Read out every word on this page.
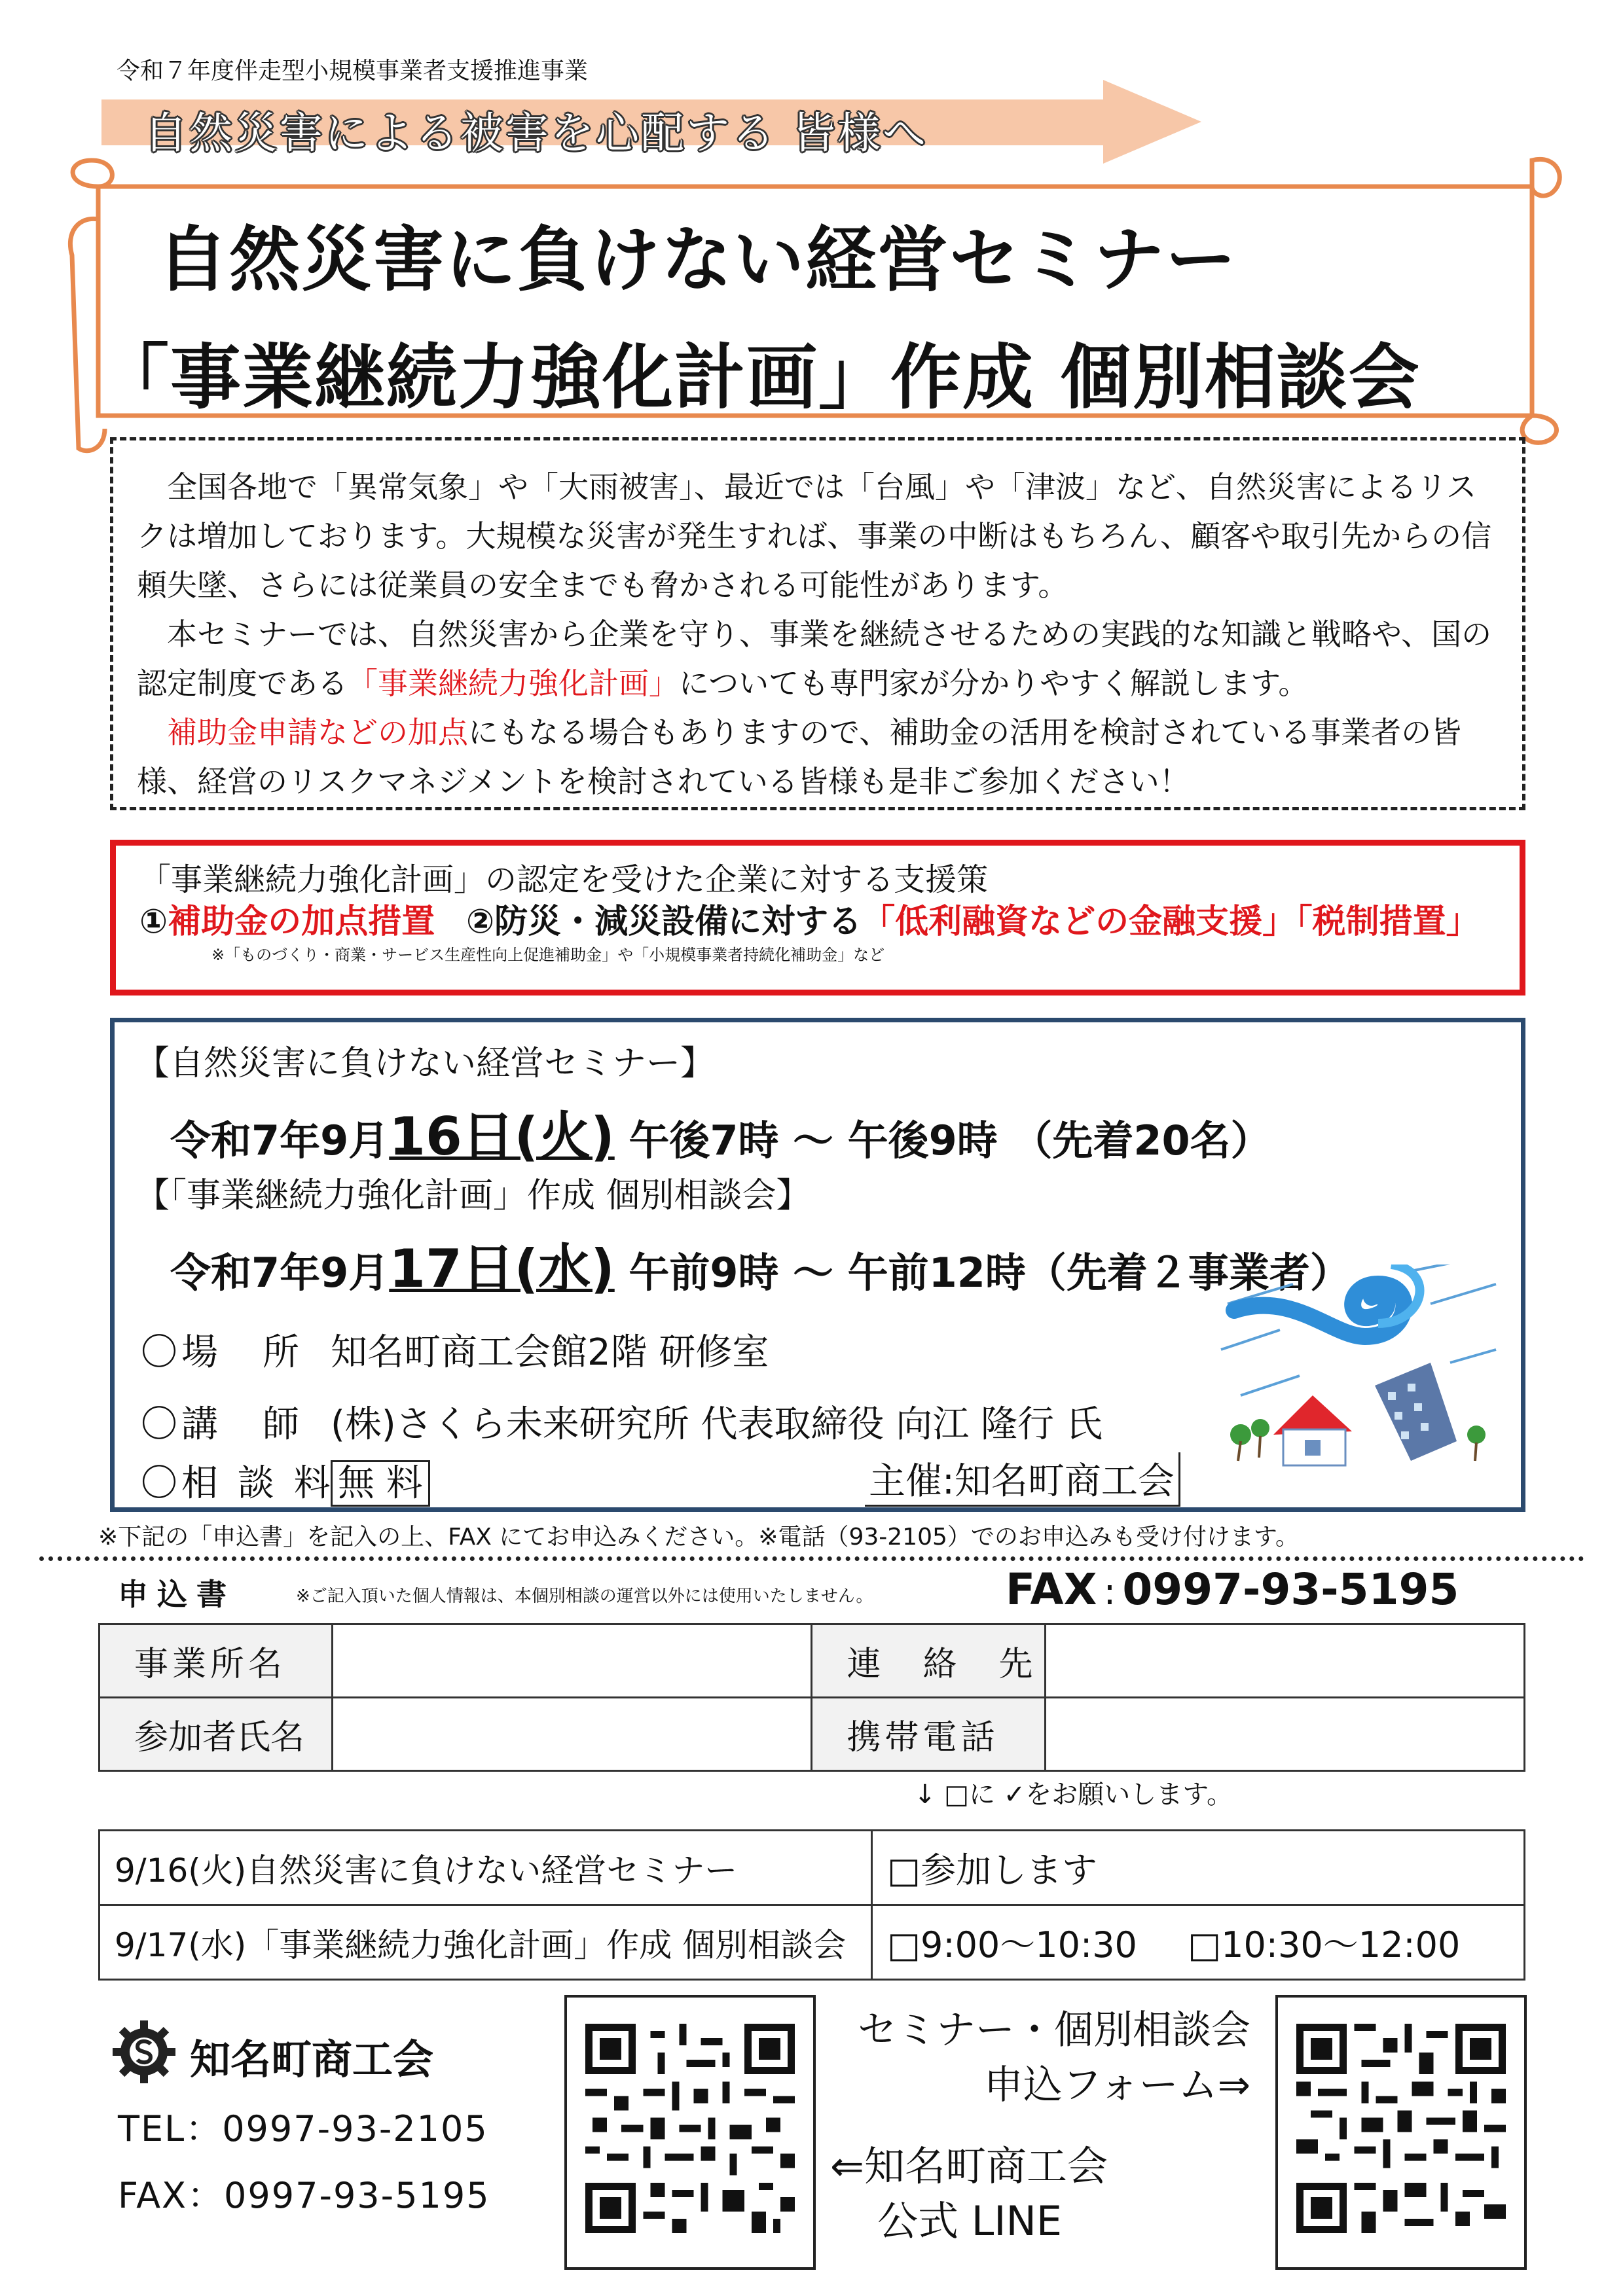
令和７年度伴走型小規模事業者支援推進事業
自然災害による被害を心配する 皆様へ
自然災害に負けない経営セミナー
「事業継続力強化計画」作成 個別相談会

全国各地で「異常気象」や「大雨被害」、最近では「台風」や「津波」など、自然災害によるリスクは増加しております。大規模な災害が発生すれば、事業の中断はもちろん、顧客や取引先からの信頼失墜、さらには従業員の安全までも脅かされる可能性があります。

本セミナーでは、自然災害から企業を守り、事業を継続させるための実践的な知識と戦略や、国の認定制度である「事業継続力強化計画」についても専門家が分かりやすく解説します。

補助金申請などの加点にもなる場合もありますので、補助金の活用を検討されている事業者の皆様、経営のリスクマネジメントを検討されている皆様も是非ご参加ください！

「事業継続力強化計画」の認定を受けた企業に対する支援策
①補助金の加点措置 ②防災・減災設備に対する「低利融資などの金融支援」「税制措置」
※「ものづくり・商業・サービス生産性向上促進補助金」や「小規模事業者持続化補助金」など
【自然災害に負けない経営セミナー】
令和7年9月16日(火) 午後7時 ～ 午後9時 （先着20名）
【「事業継続力強化計画」作成 個別相談会】
令和7年9月17日(水) 午前9時 ～ 午前12時（先着２事業者）
〇場　所 知名町商工会館2階 研修室
〇講　師 (株)さくら未来研究所 代表取締役 向江 隆行 氏
〇相 談 料無 料	主催:知名町商工会
※下記の「申込書」を記入の上、FAX にてお申込みください。※電話（93-2105）でのお申込みも受け付けます。
申込書	※ご記入頂いた個人情報は、本個別相談の運営以外には使用いたしません。	FAX : 0997-93-5195
事業所名		連　絡　先	
参加者氏名		携帯電話	
↓ □に ✓をお願いします。
9/16(火)自然災害に負けない経営セミナー	□参加します
9/17(水)「事業継続力強化計画」作成 個別相談会	□9:00～10:30 □10:30～12:00
知名町商工会
TEL：0997-93-2105
FAX：0997-93-5195
セミナー・個別相談会
申込フォーム⇒
⇐知名町商工会
公式 LINE
